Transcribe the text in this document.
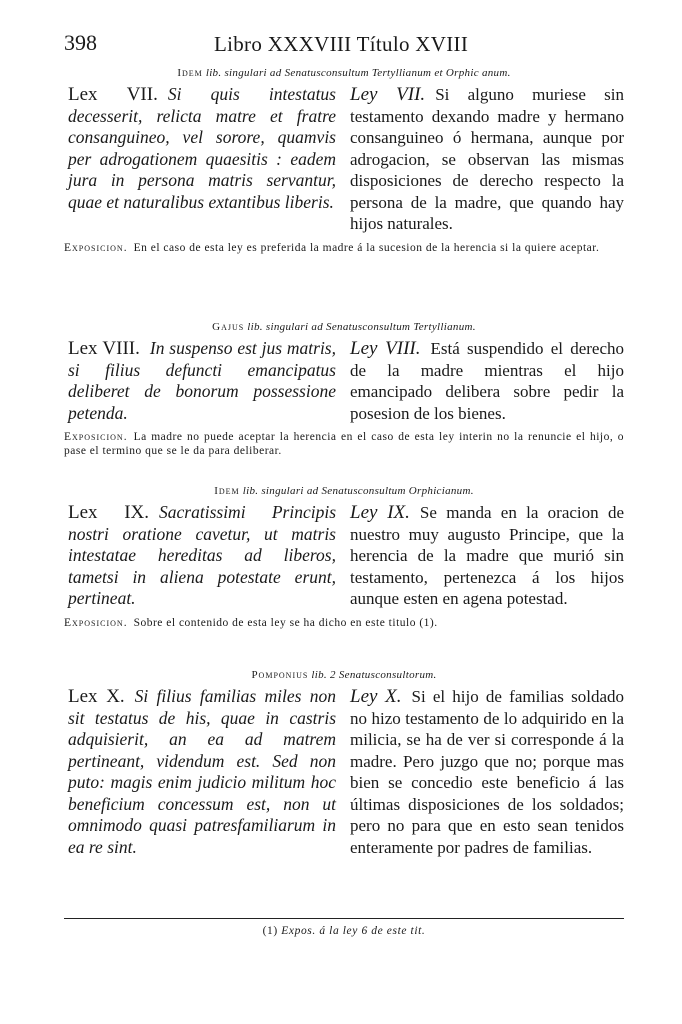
398	Libro XXXVIII Título XVIII
Idem lib. singulari ad Senatusconsultum Tertyllianum et Orphic anum.
Lex VII. Si quis intestatus decesserit, relicta matre et fratre consanguineo, vel sorore, quamvis per adrogationem quaesitis : eadem jura in persona matris servantur, quae et naturalibus extantibus liberis.
Ley VII. Si alguno muriese sin testamento dexando madre y hermano consanguineo ó hermana, aunque por adrogacion, se observan las mismas disposiciones de derecho respecto la persona de la madre, que quando hay hijos naturales.
Exposicion. En el caso de esta ley es preferida la madre á la sucesion de la herencia si la quiere aceptar.
Gajus lib. singulari ad Senatusconsultum Tertyllianum.
Lex VIII. In suspenso est jus matris, si filius defuncti emancipatus deliberet de bonorum possessione petenda.
Ley VIII. Está suspendido el derecho de la madre mientras el hijo emancipado delibera sobre pedir la posesion de los bienes.
Exposicion. La madre no puede aceptar la herencia en el caso de esta ley interin no la renuncie el hijo, o pase el termino que se le da para deliberar.
Idem lib. singulari ad Senatusconsultum Orphicianum.
Lex IX. Sacratissimi Principis nostri oratione cavetur, ut matris intestatae hereditas ad liberos, tametsi in aliena potestate erunt, pertineat.
Ley IX. Se manda en la oracion de nuestro muy augusto Principe, que la herencia de la madre que murió sin testamento, pertenezca á los hijos aunque esten en agena potestad.
Exposicion. Sobre el contenido de esta ley se ha dicho en este titulo (1).
Pomponius lib. 2 Senatusconsultorum.
Lex X. Si filius familias miles non sit testatus de his, quae in castris adquisierit, an ea ad matrem pertineant, videndum est. Sed non puto: magis enim judicio militum hoc beneficium concessum est, non ut omnimodo quasi patresfamiliarum in ea re sint.
Ley X. Si el hijo de familias soldado no hizo testamento de lo adquirido en la milicia, se ha de ver si corresponde á la madre. Pero juzgo que no; porque mas bien se concedio este beneficio á las últimas disposiciones de los soldados; pero no para que en esto sean tenidos enteramente por padres de familias.
(1) Expos. á la ley 6 de este tit.
